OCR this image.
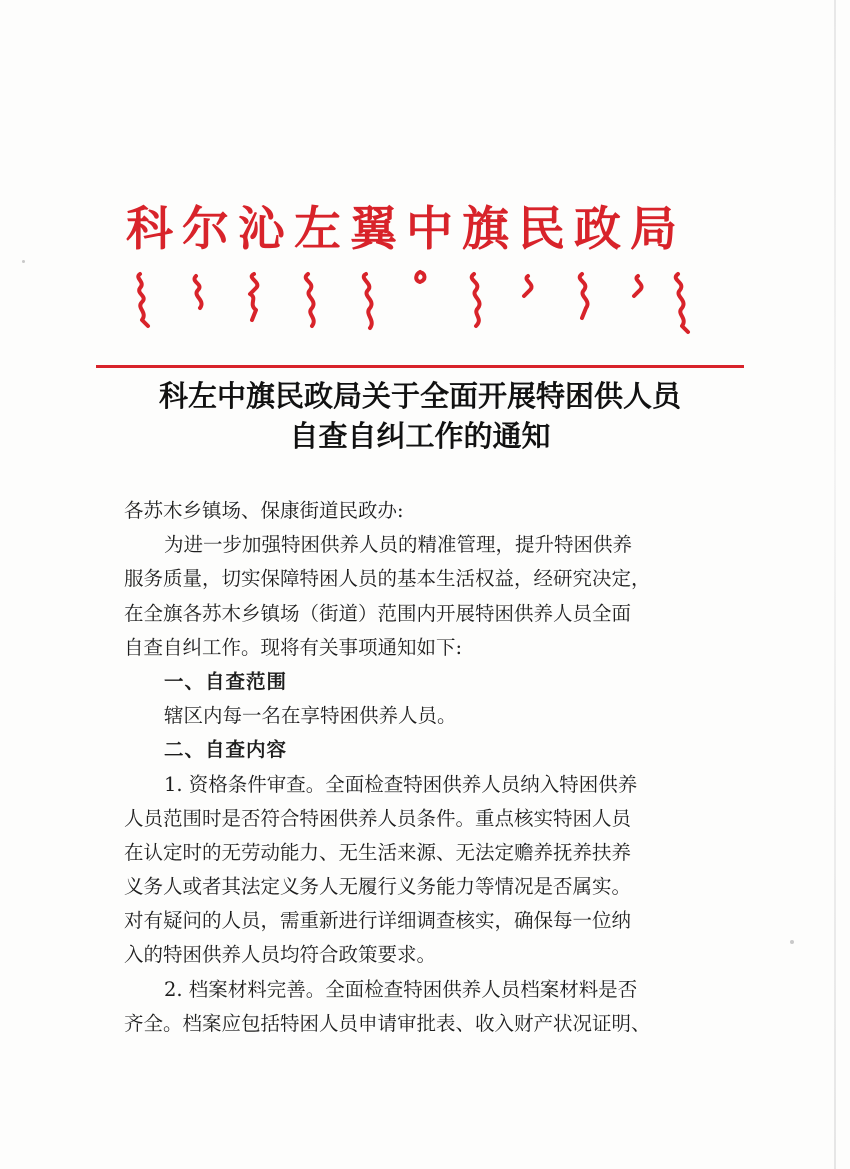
科尔沁左翼中旗民政局
科左中旗民政局关于全面开展特困供人员
自查自纠工作的通知
各苏木乡镇场、保康街道民政办:
为进一步加强特困供养人员的精准管理，提升特困供养
服务质量，切实保障特困人员的基本生活权益，经研究决定，
在全旗各苏木乡镇场（街道）范围内开展特困供养人员全面
自查自纠工作。现将有关事项通知如下:
一、自查范围
辖区内每一名在享特困供养人员。
二、自查内容
1. 资格条件审查。全面检查特困供养人员纳入特困供养
人员范围时是否符合特困供养人员条件。重点核实特困人员
在认定时的无劳动能力、无生活来源、无法定赡养抚养扶养
义务人或者其法定义务人无履行义务能力等情况是否属实。
对有疑问的人员，需重新进行详细调查核实，确保每一位纳
入的特困供养人员均符合政策要求。
2. 档案材料完善。全面检查特困供养人员档案材料是否
齐全。档案应包括特困人员申请审批表、收入财产状况证明、
